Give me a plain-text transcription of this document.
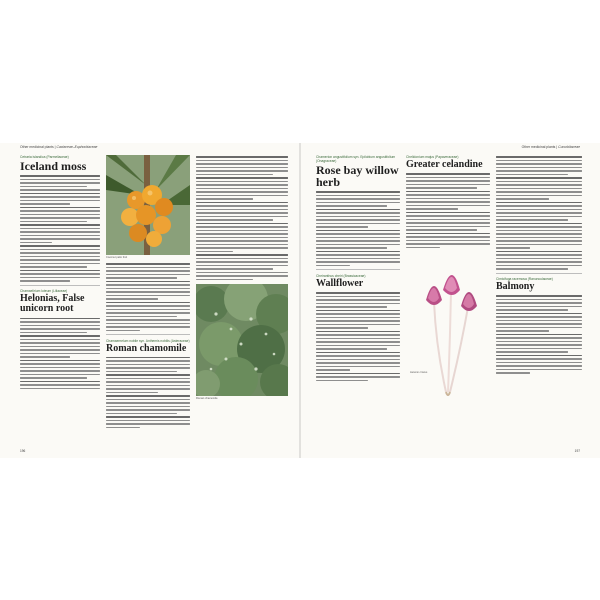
Other medicinal plants | Cactaceae–Euphorbiaceae

Cetraria islandica (Parmeliaceae)

Iceland moss

Chamaelirium luteum (Liliaceae)

Helonias, False unicorn root

Coconut palm fruit

Chamaemelum nobile syn. Anthemis nobilis (Asteraceae)

Roman chamomile

Roman chamomile
196
Other medicinal plants | Cucurbitaceae

Chamerion angustifolium syn. Epilobium angustifolium (Onagraceae)

Rose bay willow herb

Cheiranthus cheiri (Brassicaceae)

Wallflower

Chelidonium majus (Papaveraceae)

Greater celandine

Autumn crocus

Cimicifuga racemosa (Ranunculaceae)

Balmony

197
